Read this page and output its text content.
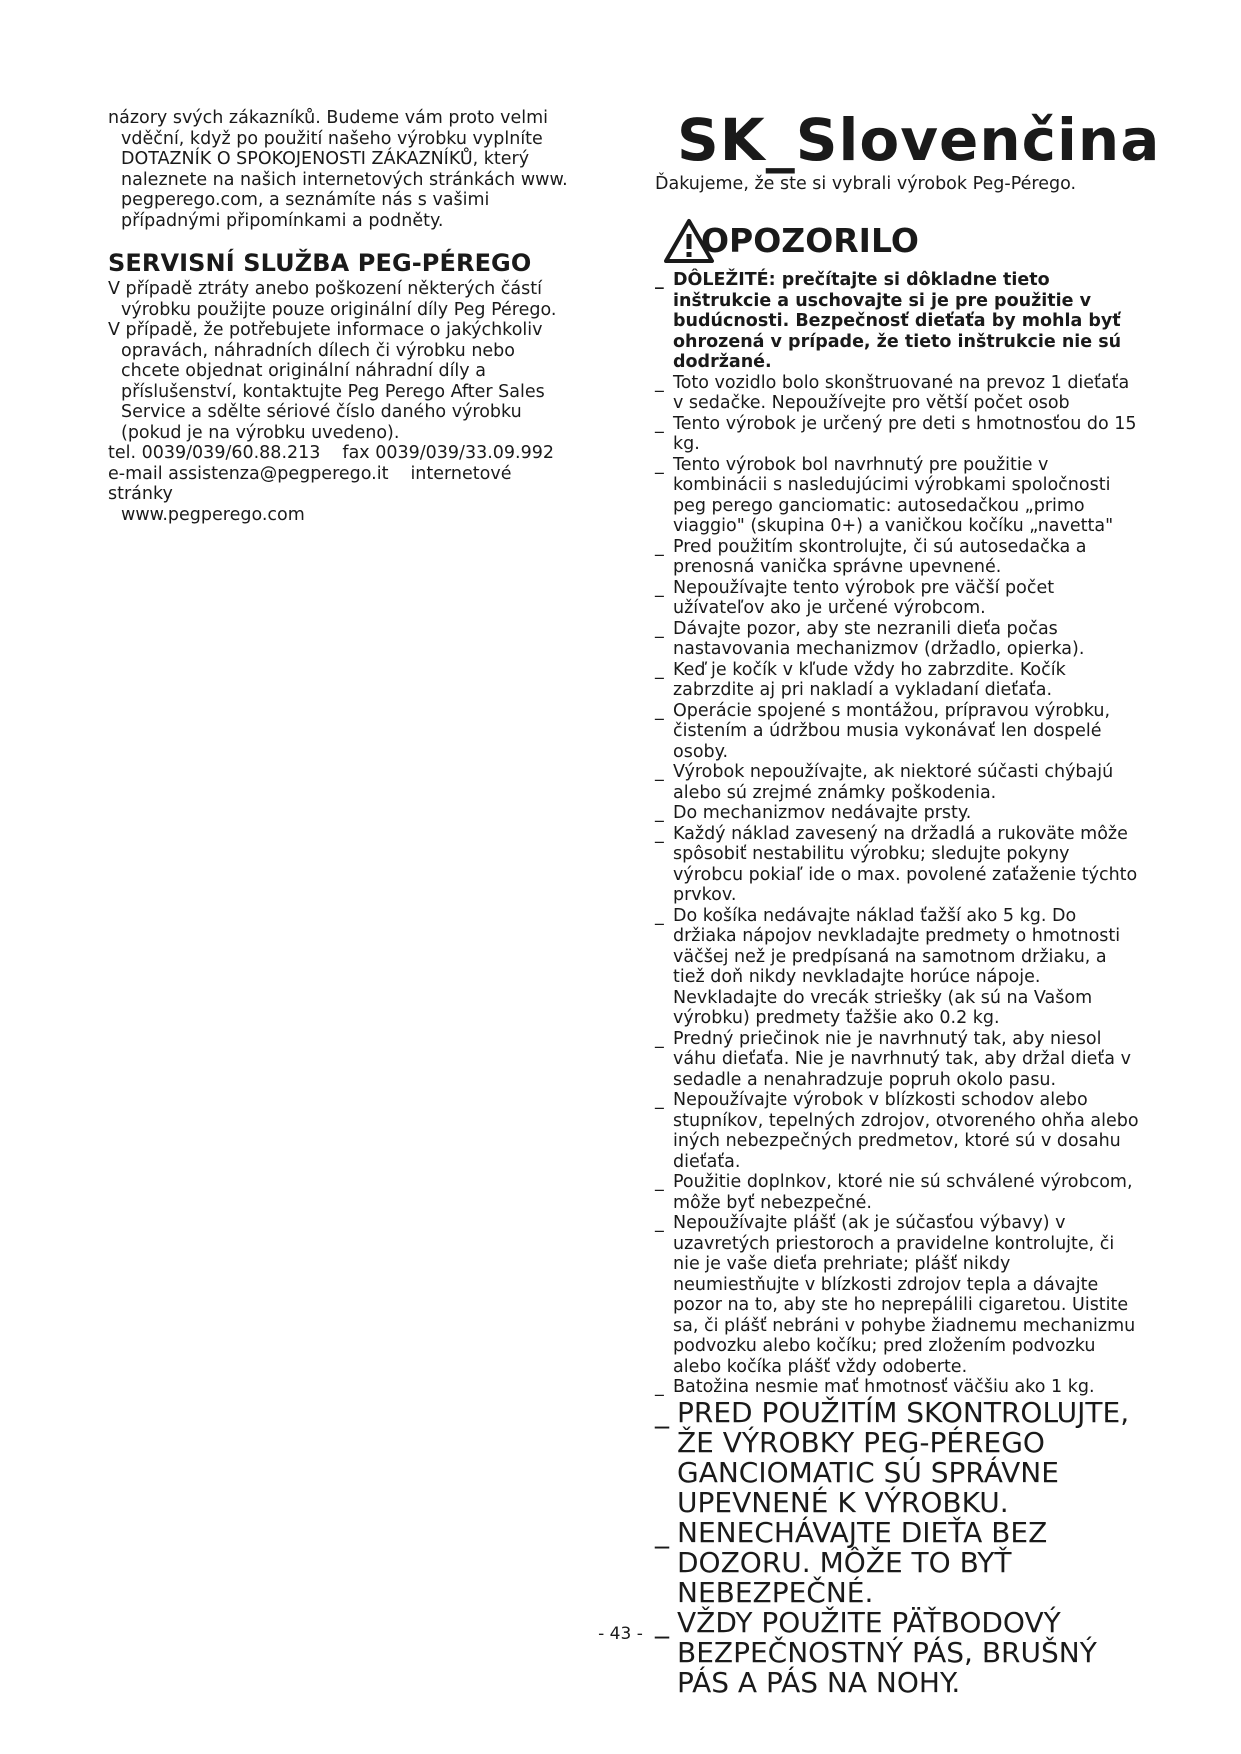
názory svých zákazníků. Budeme vám proto velmi vděční, když po použití našeho výrobku vyplníte DOTAZNÍK O SPOKOJENOSTI ZÁKAZNÍKŮ, který naleznete na našich internetových stránkách www. pegperego.com, a seznámíte nás s vašimi případnými připomínkami a podněty.

SERVISNÍ SLUŽBA PEG-PÉREGO

V případě ztráty anebo poškození některých částí výrobku použijte pouze originální díly Peg Pérego.

V případě, že potřebujete informace o jakýchkoliv opravách, náhradních dílech či výrobku nebo chcete objednat originální náhradní díly a příslušenství, kontaktujte Peg Perego After Sales Service a sdělte sériové číslo daného výrobku (pokud je na výrobku uvedeno).

tel. 0039/039/60.88.213 fax 0039/039/33.09.992

e-mail assistenza@pegperego.it internetové stránky

www.pegperego.com

SK_Slovenčina
Ďakujeme, že ste si vybrali výrobok Peg-Pérego.
OPOZORILO
_ DÔLEŽITÉ: prečítajte si dôkladne tieto inštrukcie a uschovajte si je pre použitie v budúcnosti. Bezpečnosť dieťaťa by mohla byť ohrozená v prípade, že tieto inštrukcie nie sú dodržané.
_ Toto vozidlo bolo skonštruované na prevoz 1 dieťaťa v sedačke. Nepoužívejte pro větší počet osob
_ Tento výrobok je určený pre deti s hmotnosťou do 15 kg.
_ Tento výrobok bol navrhnutý pre použitie v kombinácii s nasledujúcimi výrobkami spoločnosti peg perego ganciomatic: autosedačkou „primo viaggio" (skupina 0+) a vaničkou kočíku „navetta"
_ Pred použitím skontrolujte, či sú autosedačka a prenosná vanička správne upevnené.
_ Nepoužívajte tento výrobok pre väčší počet užívateľov ako je určené výrobcom.
_ Dávajte pozor, aby ste nezranili dieťa počas nastavovania mechanizmov (držadlo, opierka).
_ Keď je kočík v kľude vždy ho zabrzdite. Kočík zabrzdite aj pri nakladí a vykladaní dieťaťa.
_ Operácie spojené s montážou, prípravou výrobku, čistením a údržbou musia vykonávať len dospelé osoby.
_ Výrobok nepoužívajte, ak niektoré súčasti chýbajú alebo sú zrejmé známky poškodenia.
_ Do mechanizmov nedávajte prsty.
_ Každý náklad zavesený na držadlá a rukoväte môže spôsobiť nestabilitu výrobku; sledujte pokyny výrobcu pokiaľ ide o max. povolené zaťaženie týchto prvkov.
_ Do košíka nedávajte náklad ťažší ako 5 kg. Do držiaka nápojov nevkladajte predmety o hmotnosti väčšej než je predpísaná na samotnom držiaku, a tiež doň nikdy nevkladajte horúce nápoje. Nevkladajte do vrecák striešky (ak sú na Vašom výrobku) predmety ťažšie ako 0.2 kg.
_ Predný priečinok nie je navrhnutý tak, aby niesol váhu dieťaťa. Nie je navrhnutý tak, aby držal dieťa v sedadle a nenahradzuje popruh okolo pasu.
_ Nepoužívajte výrobok v blízkosti schodov alebo stupníkov, tepelných zdrojov, otvoreného ohňa alebo iných nebezpečných predmetov, ktoré sú v dosahu dieťaťa.
_ Použitie doplnkov, ktoré nie sú schválené výrobcom, môže byť nebezpečné.
_ Nepoužívajte plášť (ak je súčasťou výbavy) v uzavretých priestoroch a pravidelne kontrolujte, či nie je vaše dieťa prehriate; plášť nikdy neumiestňujte v blízkosti zdrojov tepla a dávajte pozor na to, aby ste ho neprepálili cigaretou. Uistite sa, či plášť nebráni v pohybe žiadnemu mechanizmu podvozku alebo kočíku; pred zložením podvozku alebo kočíka plášť vždy odoberte.
_ Batožina nesmie mať hmotnosť väčšiu ako 1 kg.
_ PRED POUŽITÍM SKONTROLUJTE, ŽE VÝROBKY PEG-PÉREGO GANCIOMATIC SÚ SPRÁVNE UPEVNENÉ K VÝROBKU.
_ NENECHÁVAJTE DIEŤA BEZ DOZORU. MÔŽE TO BYŤ NEBEZPEČNÉ.
_ VŽDY POUŽITE PÄŤBODOVÝ BEZPEČNOSTNÝ PÁS, BRUŠNÝ PÁS A PÁS NA NOHY.
- 43 -
